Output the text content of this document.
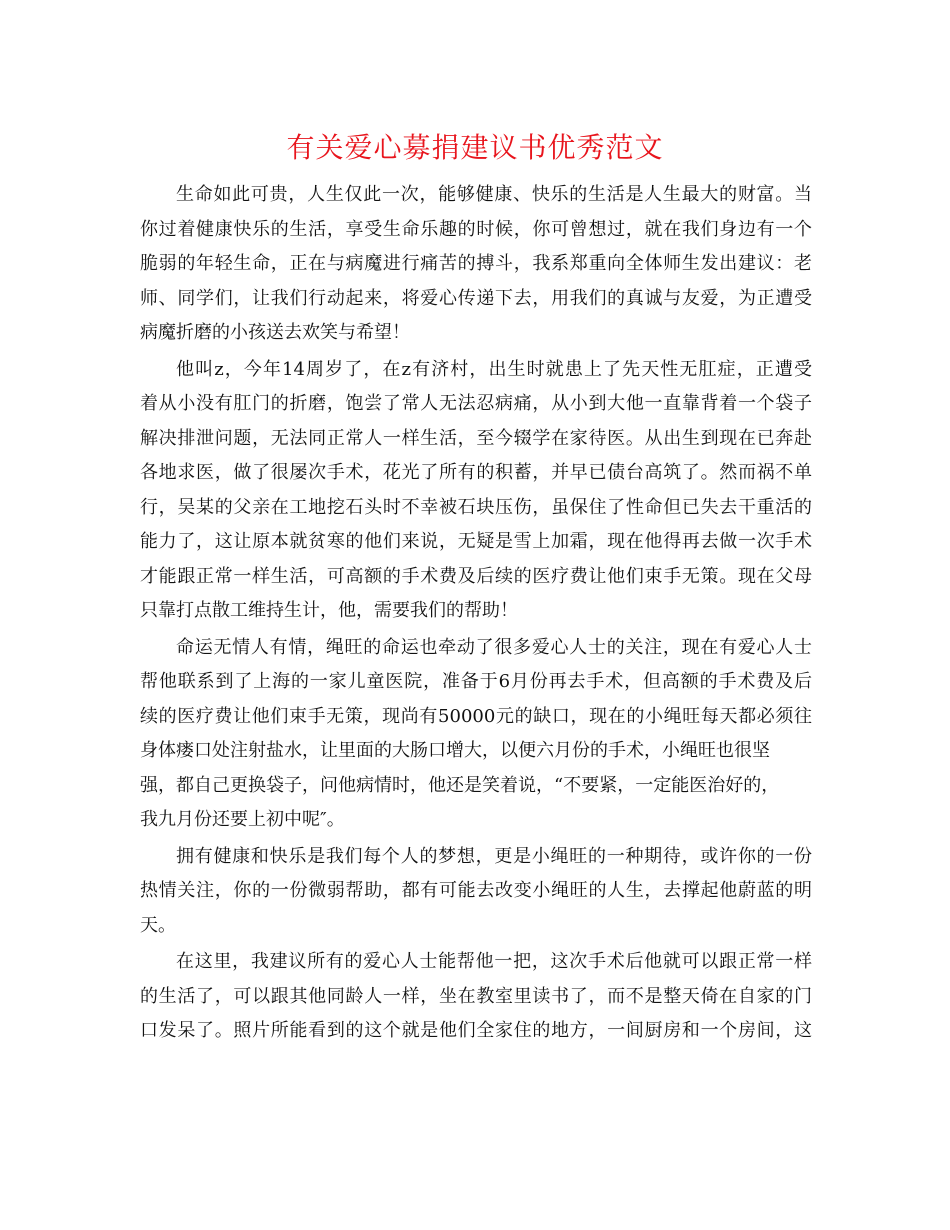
有关爱心募捐建议书优秀范文
生命如此可贵，人生仅此一次，能够健康、快乐的生活是人生最大的财富。当
你过着健康快乐的生活，享受生命乐趣的时候，你可曾想过，就在我们身边有一个
脆弱的年轻生命，正在与病魔进行痛苦的搏斗，我系郑重向全体师生发出建议：老
师、同学们，让我们行动起来，将爱心传递下去，用我们的真诚与友爱，为正遭受
病魔折磨的小孩送去欢笑与希望！
他叫z，今年14周岁了，在z有济村，出生时就患上了先天性无肛症，正遭受
着从小没有肛门的折磨，饱尝了常人无法忍病痛，从小到大他一直靠背着一个袋子
解决排泄问题，无法同正常人一样生活，至今辍学在家待医。从出生到现在已奔赴
各地求医，做了很屡次手术，花光了所有的积蓄，并早已债台高筑了。然而祸不单
行，吴某的父亲在工地挖石头时不幸被石块压伤，虽保住了性命但已失去干重活的
能力了，这让原本就贫寒的他们来说，无疑是雪上加霜，现在他得再去做一次手术
才能跟正常一样生活，可高额的手术费及后续的医疗费让他们束手无策。现在父母
只靠打点散工维持生计，他，需要我们的帮助！
命运无情人有情，绳旺的命运也牵动了很多爱心人士的关注，现在有爱心人士
帮他联系到了上海的一家儿童医院，准备于6月份再去手术，但高额的手术费及后
续的医疗费让他们束手无策，现尚有50000元的缺口，现在的小绳旺每天都必须往
身体瘘口处注射盐水，让里面的大肠口增大，以便六月份的手术，小绳旺也很坚
强，都自己更换袋子，问他病情时，他还是笑着说，“不要紧，一定能医治好的，
我九月份还要上初中呢″。
拥有健康和快乐是我们每个人的梦想，更是小绳旺的一种期待，或许你的一份
热情关注，你的一份微弱帮助，都有可能去改变小绳旺的人生，去撑起他蔚蓝的明
天。
在这里，我建议所有的爱心人士能帮他一把，这次手术后他就可以跟正常一样
的生活了，可以跟其他同龄人一样，坐在教室里读书了，而不是整天倚在自家的门
口发呆了。照片所能看到的这个就是他们全家住的地方，一间厨房和一个房间，这
